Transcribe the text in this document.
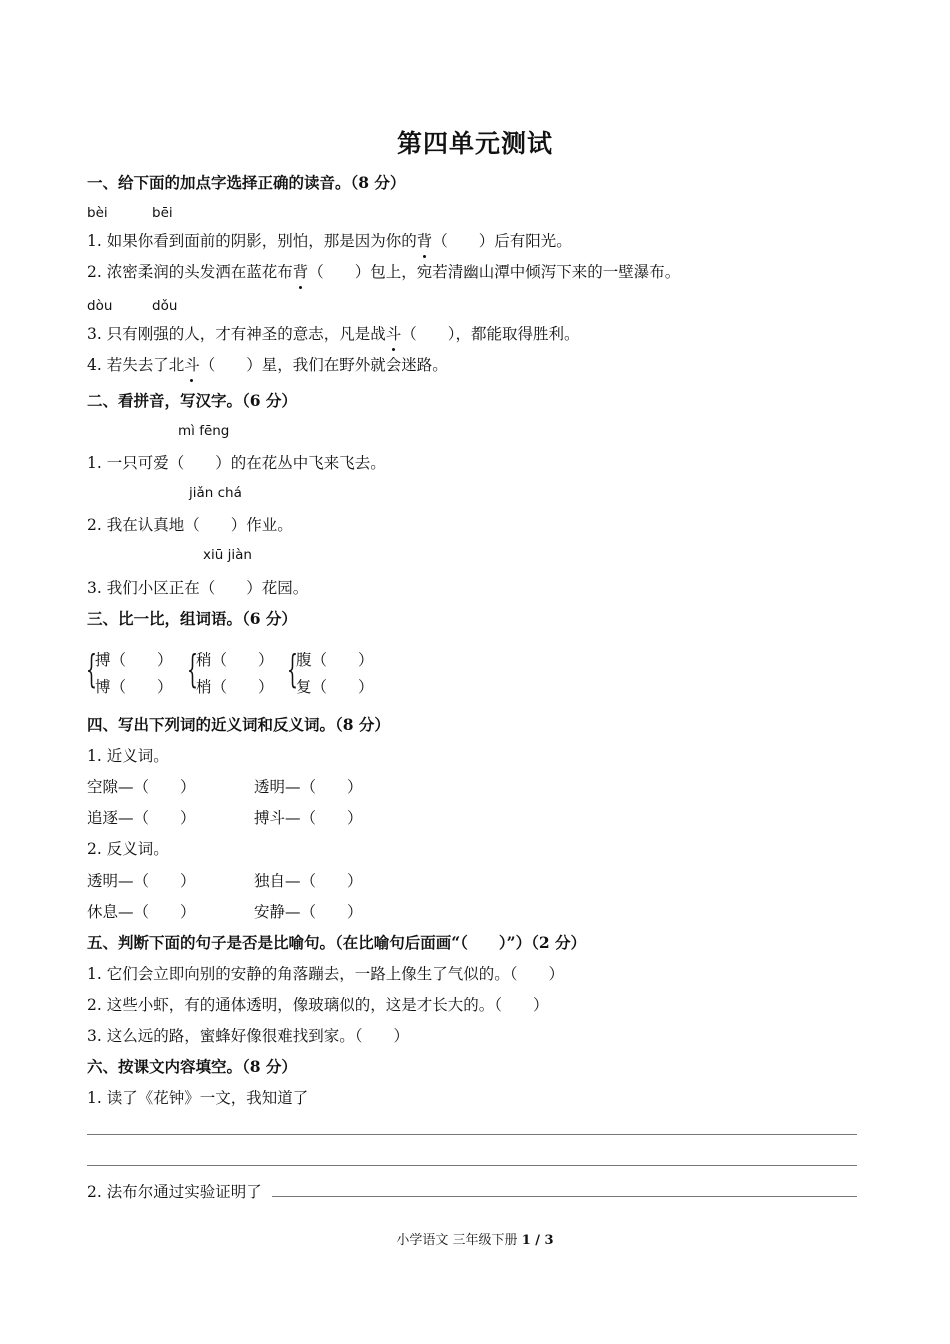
第四单元测试
一、给下面的加点字选择正确的读音。（8 分）
bèi	bēi
1. 如果你看到面前的阴影，别怕，那是因为你的背（　　）后有阳光。
2. 浓密柔润的头发洒在蓝花布背（　　）包上，宛若清幽山潭中倾泻下来的一壁瀑布。
dòu	dǒu
3. 只有刚强的人，才有神圣的意志，凡是战斗（　　），都能取得胜利。
4. 若失去了北斗（　　）星，我们在野外就会迷路。
二、看拼音，写汉字。（6 分）
mì fēng
1. 一只可爱（　　）的在花丛中飞来飞去。
jiǎn chá
2. 我在认真地（　　）作业。
xiū jiàn
3. 我们小区正在（　　）花园。
三、比一比，组词语。（6 分）
{
搏（　　）
博（　　） {
稍（　　）
梢（　　） {
腹（　　）
复（　　）
四、写出下列词的近义词和反义词。（8 分）
1. 近义词。
空隙—（　　）	透明—（　　）
追逐—（　　）	搏斗—（　　）
2. 反义词。
透明—（　　）	独自—（　　）
休息—（　　）	安静—（　　）
五、判断下面的句子是否是比喻句。（在比喻句后面画“（　　）”）（2 分）
1. 它们会立即向别的安静的角落蹦去，一路上像生了气似的。（　　）
2. 这些小虾，有的通体透明，像玻璃似的，这是才长大的。（　　）
3. 这么远的路，蜜蜂好像很难找到家。（　　）
六、按课文内容填空。（8 分）
1. 读了《花钟》一文，我知道了
2. 法布尔通过实验证明了
小学语文 三年级下册 1 / 3
